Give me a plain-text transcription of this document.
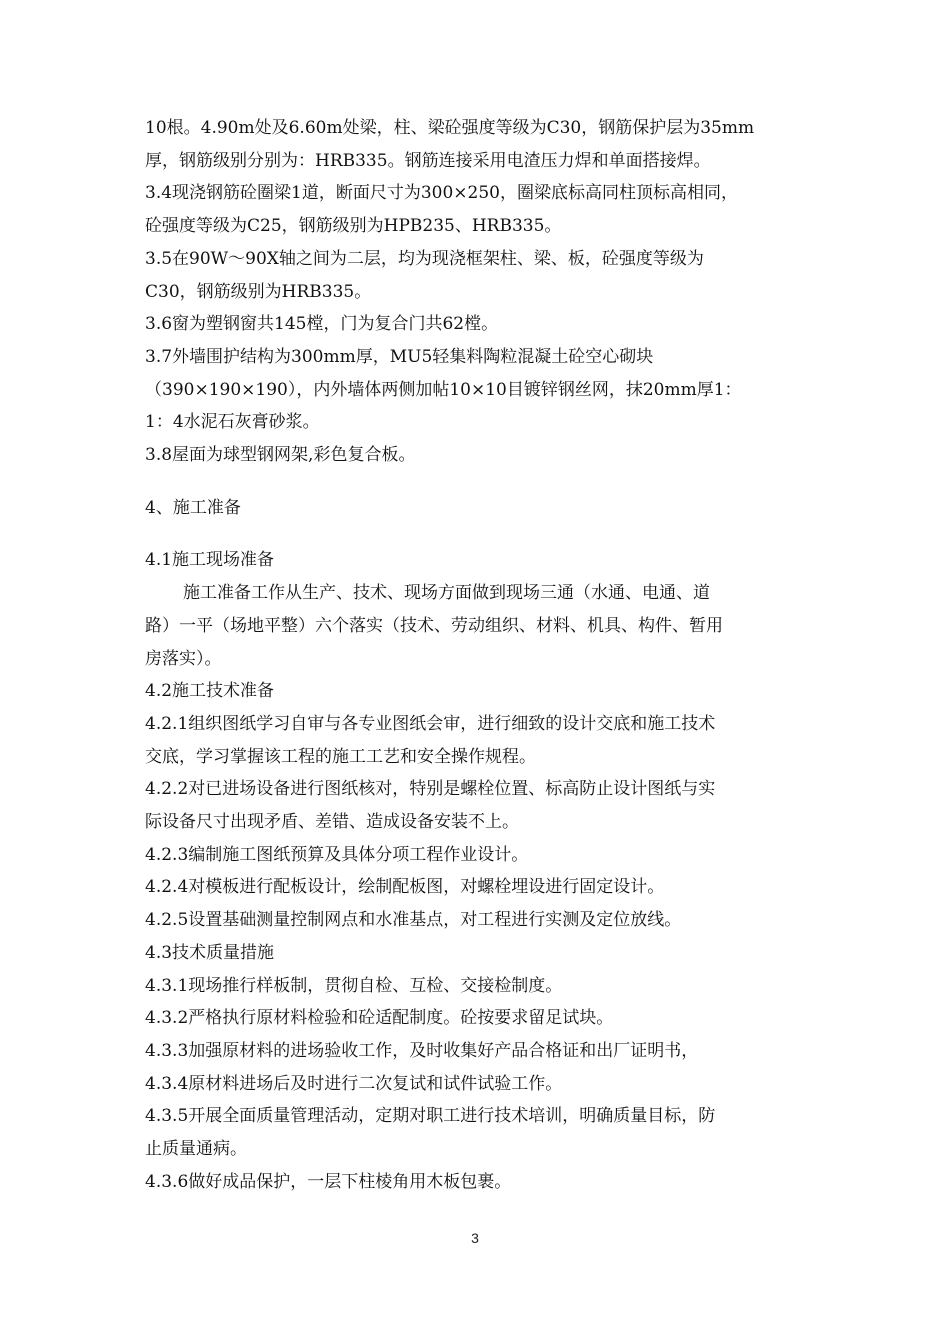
10根。4.90m处及6.60m处梁，柱、梁砼强度等级为C30，钢筋保护层为35mm

厚，钢筋级别分别为：HRB335。钢筋连接采用电渣压力焊和单面搭接焊。

3.4现浇钢筋砼圈梁1道，断面尺寸为300×250，圈梁底标高同柱顶标高相同，

砼强度等级为C25，钢筋级别为HPB235、HRB335。

3.5在90W～90X轴之间为二层，均为现浇框架柱、梁、板，砼强度等级为

C30，钢筋级别为HRB335。

3.6窗为塑钢窗共145樘，门为复合门共62樘。

3.7外墙围护结构为300mm厚，MU5轻集料陶粒混凝土砼空心砌块

（390×190×190），内外墙体两侧加帖10×10目镀锌钢丝网，抹20mm厚1：

1：4水泥石灰膏砂浆。

3.8屋面为球型钢网架,彩色复合板。

4、施工准备

4.1施工现场准备

施工准备工作从生产、技术、现场方面做到现场三通（水通、电通、道

路）一平（场地平整）六个落实（技术、劳动组织、材料、机具、构件、暂用

房落实）。

4.2施工技术准备

4.2.1组织图纸学习自审与各专业图纸会审，进行细致的设计交底和施工技术

交底，学习掌握该工程的施工工艺和安全操作规程。

4.2.2对已进场设备进行图纸核对，特别是螺栓位置、标高防止设计图纸与实

际设备尺寸出现矛盾、差错、造成设备安装不上。

4.2.3编制施工图纸预算及具体分项工程作业设计。

4.2.4对模板进行配板设计，绘制配板图，对螺栓埋设进行固定设计。

4.2.5设置基础测量控制网点和水准基点，对工程进行实测及定位放线。

4.3技术质量措施

4.3.1现场推行样板制，贯彻自检、互检、交接检制度。

4.3.2严格执行原材料检验和砼适配制度。砼按要求留足试块。

4.3.3加强原材料的进场验收工作，及时收集好产品合格证和出厂证明书，

4.3.4原材料进场后及时进行二次复试和试件试验工作。

4.3.5开展全面质量管理活动，定期对职工进行技术培训，明确质量目标，防

止质量通病。

4.3.6做好成品保护，一层下柱棱角用木板包裹。

3
